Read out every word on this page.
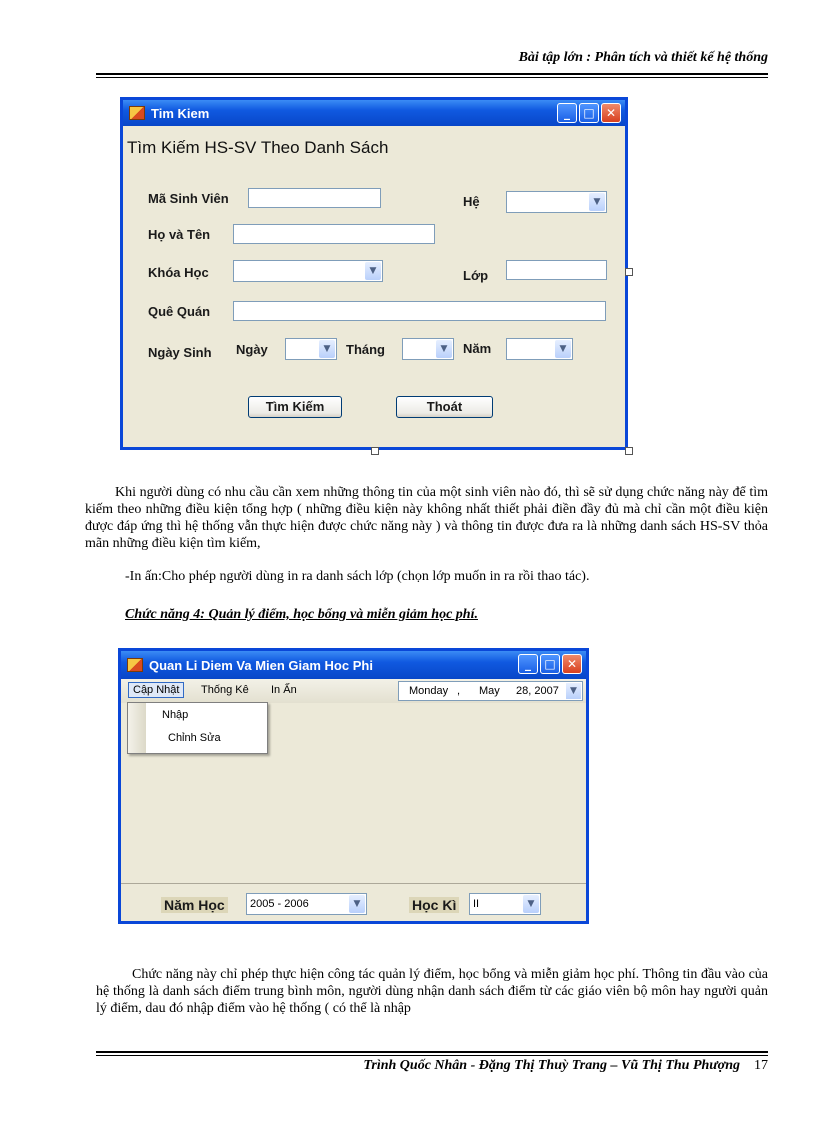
Bài tập lớn : Phân tích và thiết kế hệ thống
Tim Kiem	_ □ ✕
Tìm Kiếm HS-SV Theo Danh Sách
Mã Sinh Viên	Hệ	▼
Họ và Tên
Khóa Học	▼	Lớp
Quê Quán
Ngày Sinh Ngày	▼	Tháng	▼	Năm	▼
Tìm Kiếm	Thoát
Khi người dùng có nhu cầu cần xem những thông tin của một sinh viên nào đó, thì sẽ sử dụng chức năng này để tìm kiếm theo những điều kiện tổng hợp ( những điều kiện này không nhất thiết phải điền đầy đủ mà chỉ cần một điều kiện được đáp ứng thì hệ thống vẫn thực hiện được chức năng này ) và thông tin được đưa ra là những danh sách HS-SV thỏa mãn những điều kiện tìm kiếm,
-In ấn:Cho phép người dùng in ra danh sách lớp (chọn lớp muốn in ra rồi thao tác).
Chức năng 4: Quản lý điểm, học bổng và miễn giảm học phí.
Quan Li Diem Va Mien Giam Hoc Phi	_ □ ✕
Cập Nhật	Thống Kê In Ấn	Monday , May 28, 2007	▼
Nhập
Chỉnh Sửa
Năm Học	2005 - 2006	▼	Học Kì	II	▼
Chức năng này chỉ phép thực hiện công tác quản lý điểm, học bổng và miễn giảm học phí. Thông tin đầu vào của hệ thống là danh sách điểm trung bình môn, người dùng nhận danh sách điểm từ các giáo viên bộ môn hay người quản lý điểm, dau đó nhập điểm vào hệ thống ( có thể là nhập
Trình Quốc Nhân - Đặng Thị Thuỳ Trang – Vũ Thị Thu Phượng 17
